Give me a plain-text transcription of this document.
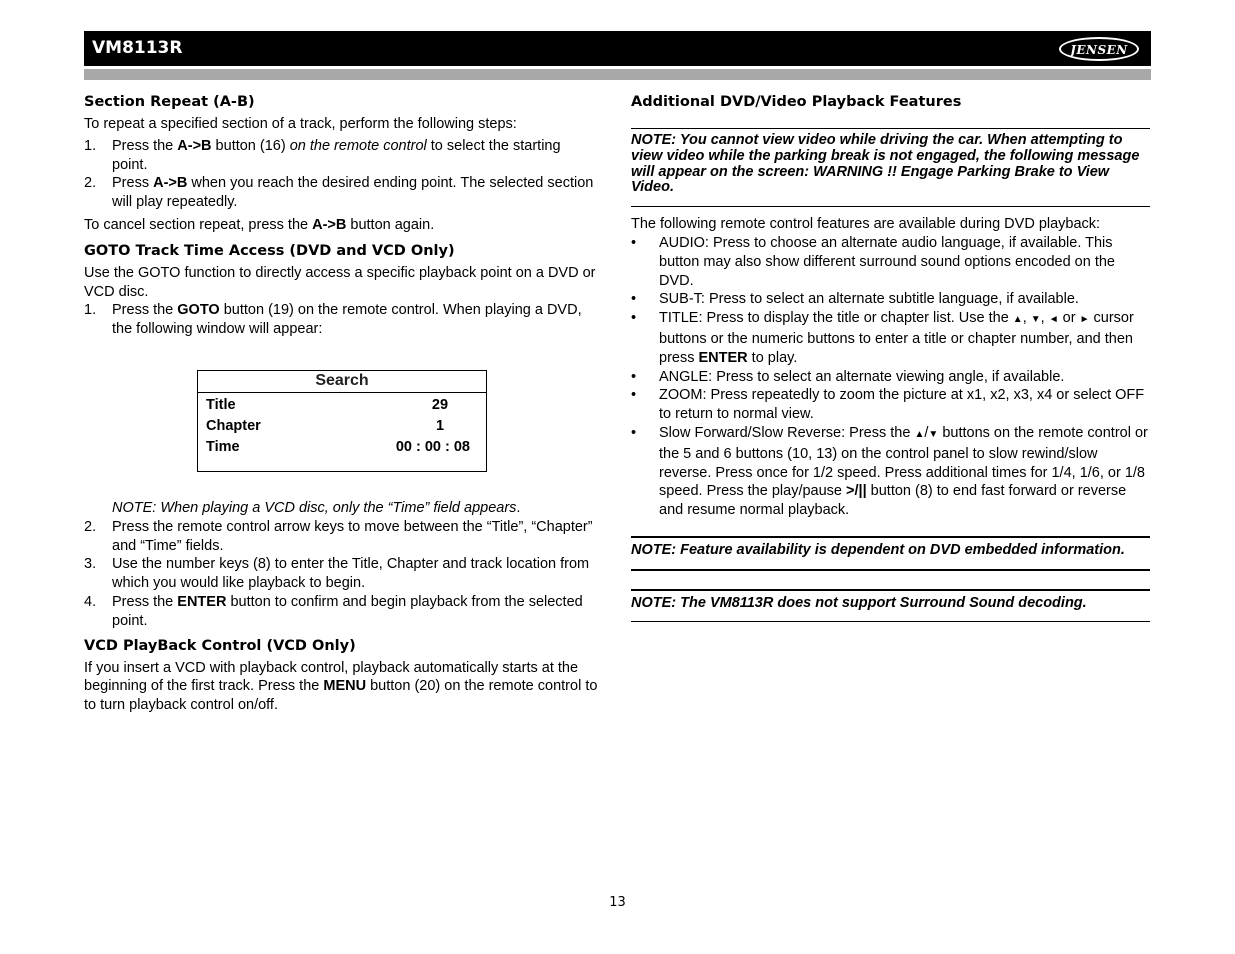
VM8113R	JENSEN
Section Repeat (A-B)

To repeat a specified section of a track, perform the following steps:

1. Press the A->B button (16) on the remote control to select the starting point.
2. Press A->B when you reach the desired ending point. The selected section will play repeatedly.

To cancel section repeat, press the A->B button again.

GOTO Track Time Access (DVD and VCD Only)

Use the GOTO function to directly access a specific playback point on a DVD or VCD disc.

1. Press the GOTO button (19) on the remote control. When playing a DVD, the following window will appear:
Search
Title	29
Chapter	1
Time	00 : 00 : 08

NOTE: When playing a VCD disc, only the “Time” field appears.

2. Press the remote control arrow keys to move between the “Title”, “Chapter” and “Time” fields.
3. Use the number keys (8) to enter the Title, Chapter and track location from which you would like playback to begin.
4. Press the ENTER button to confirm and begin playback from the selected point.
VCD PlayBack Control (VCD Only)

If you insert a VCD with playback control, playback automatically starts at the beginning of the first track. Press the MENU button (20) on the remote control to to turn playback control on/off.

Additional DVD/Video Playback Features

NOTE: You cannot view video while driving the car. When attempting to view video while the parking break is not engaged, the following message will appear on the screen: WARNING !! Engage Parking Brake to View Video.

The following remote control features are available during DVD playback:

• AUDIO: Press to choose an alternate audio language, if available. This button may also show different surround sound options encoded on the DVD.
• SUB-T: Press to select an alternate subtitle language, if available.
• TITLE: Press to display the title or chapter list. Use the ▲, ▼, ◄ or ► cursor buttons or the numeric buttons to enter a title or chapter number, and then press ENTER to play.
• ANGLE: Press to select an alternate viewing angle, if available.
• ZOOM: Press repeatedly to zoom the picture at x1, x2, x3, x4 or select OFF to return to normal view.
• Slow Forward/Slow Reverse: Press the ▲/▼ buttons on the remote control or the 5 and 6 buttons (10, 13) on the control panel to slow rewind/slow reverse. Press once for 1/2 speed. Press additional times for 1/4, 1/6, or 1/8 speed. Press the play/pause >/|| button (8) to end fast forward or reverse and resume normal playback.

NOTE: Feature availability is dependent on DVD embedded information.

NOTE: The VM8113R does not support Surround Sound decoding.

13
